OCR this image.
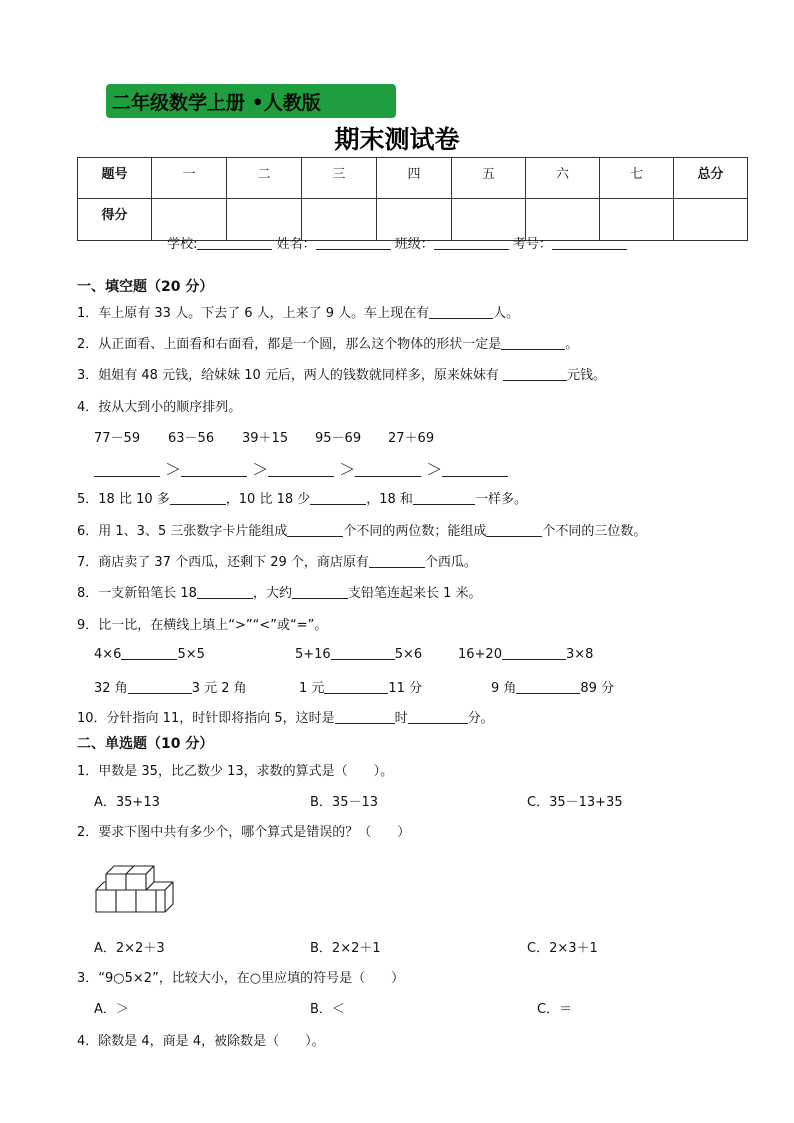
二年级数学上册 •人教版
期末测试卷
题号	一	二	三	四	五	六	七	总分
得分								
学校:	姓名：	班级：	考号：
一、填空题（20 分）
1．车上原有 33 人。下去了 6 人，上来了 9 人。车上现在有	人。
2．从正面看、上面看和右面看，都是一个圆，那么这个物体的形状一定是	。
3．姐姐有 48 元钱，给妹妹 10 元后，两人的钱数就同样多，原来妹妹有	元钱。
4．按从大到小的顺序排列。
77－59 63－56 39＋15 95－69 27＋69
＞	＞	＞	＞
5．18 比 10 多	，10 比 18 少	，18 和	一样多。
6．用 1、3、5 三张数字卡片能组成	个不同的两位数；能组成	个不同的三位数。
7．商店卖了 37 个西瓜，还剩下 29 个，商店原有	个西瓜。
8．一支新铅笔长 18	，大约	支铅笔连起来长 1 米。
9．比一比，在横线上填上“>”“<”或“=”。
4×6	5×5	5+16	5×6	16+20	3×8
32 角	3 元 2 角	1 元	11 分	9 角	89 分
10．分针指向 11，时针即将指向 5，这时是	时	分。
二、单选题（10 分）
1．甲数是 35，比乙数少 13，求数的算式是（　　）。
A．35+13	B．35－13	C．35－13+35
2．要求下图中共有多少个，哪个算式是错误的？（　　）
A．2×2＋3	B．2×2＋1	C．2×3＋1
3．“9○5×2”，比较大小，在○里应填的符号是（　　）
A．＞	B．＜	C．＝
4．除数是 4，商是 4，被除数是（　　）。
